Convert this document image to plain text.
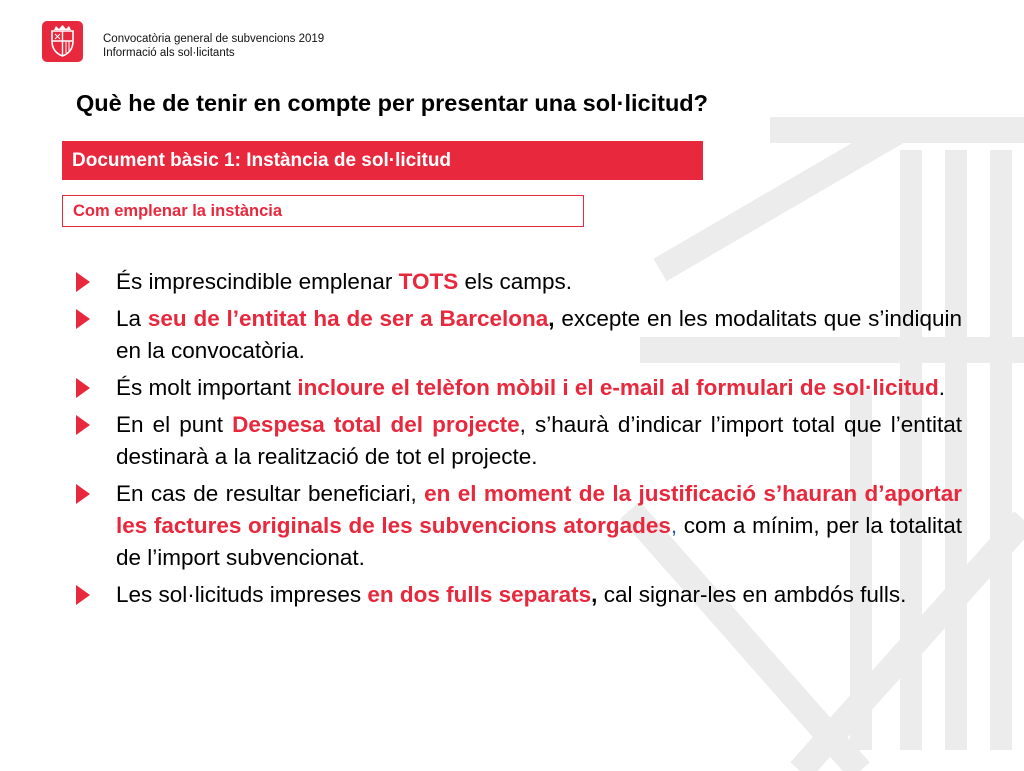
Convocatòria general de subvencions 2019
Informació als sol·licitants
Què he de tenir en compte per presentar una sol·licitud?
Document bàsic 1: Instància de sol·licitud
Com emplenar la instància
És imprescindible emplenar TOTS els camps.
La seu de l’entitat ha de ser a Barcelona, excepte en les modalitats que s’indiquin en la convocatòria.
És molt important incloure el telèfon mòbil i el e-mail al formulari de sol·licitud.
En el punt Despesa total del projecte, s’haurà d’indicar l’import total que l’entitat destinarà a la realització de tot el projecte.
En cas de resultar beneficiari, en el moment de la justificació s’hauran d’aportar les factures originals de les subvencions atorgades, com a mínim, per la totalitat de l’import subvencionat.
Les sol·licituds impreses en dos fulls separats, cal signar-les en ambdós fulls.
